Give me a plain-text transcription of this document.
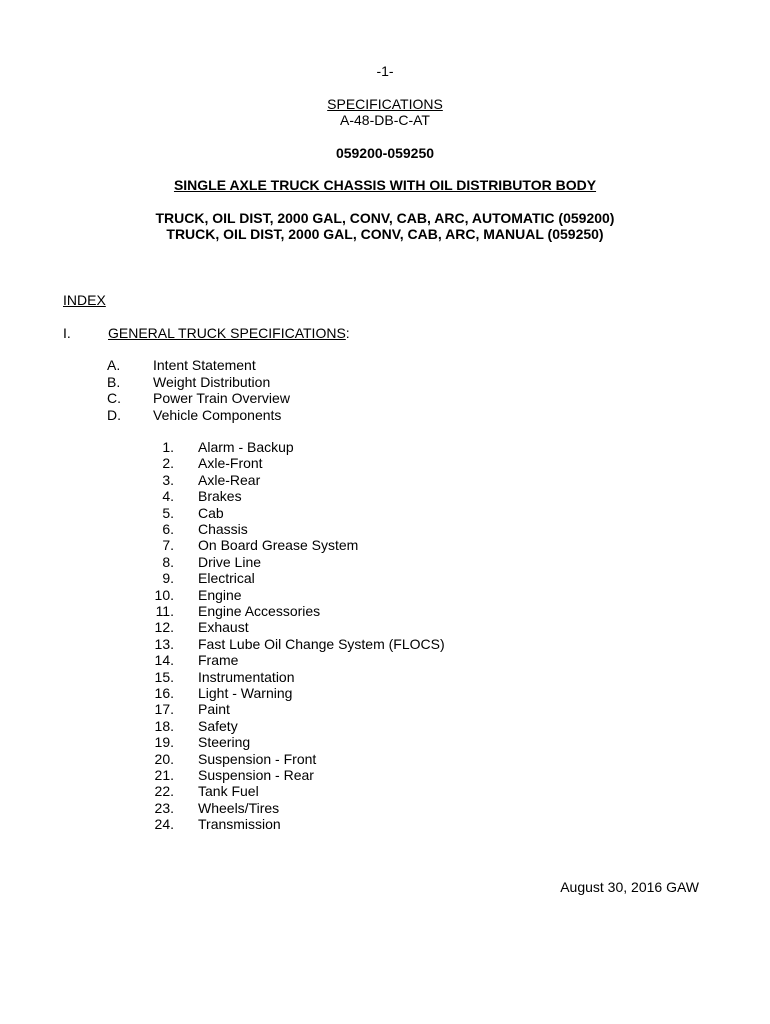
-1-
SPECIFICATIONS
A-48-DB-C-AT
059200-059250
SINGLE AXLE TRUCK CHASSIS WITH OIL DISTRIBUTOR BODY
TRUCK, OIL DIST, 2000 GAL, CONV, CAB, ARC, AUTOMATIC (059200)
TRUCK, OIL DIST, 2000 GAL, CONV, CAB, ARC, MANUAL (059250)
INDEX
I.	GENERAL TRUCK SPECIFICATIONS:
A.	Intent Statement
B.	Weight Distribution
C.	Power Train Overview
D.	Vehicle Components
1. Alarm - Backup
2. Axle-Front
3. Axle-Rear
4. Brakes
5. Cab
6. Chassis
7. On Board Grease System
8. Drive Line
9. Electrical
10. Engine
11. Engine Accessories
12. Exhaust
13. Fast Lube Oil Change System (FLOCS)
14. Frame
15. Instrumentation
16. Light - Warning
17. Paint
18. Safety
19. Steering
20. Suspension - Front
21. Suspension - Rear
22. Tank Fuel
23. Wheels/Tires
24. Transmission
August 30, 2016 GAW
